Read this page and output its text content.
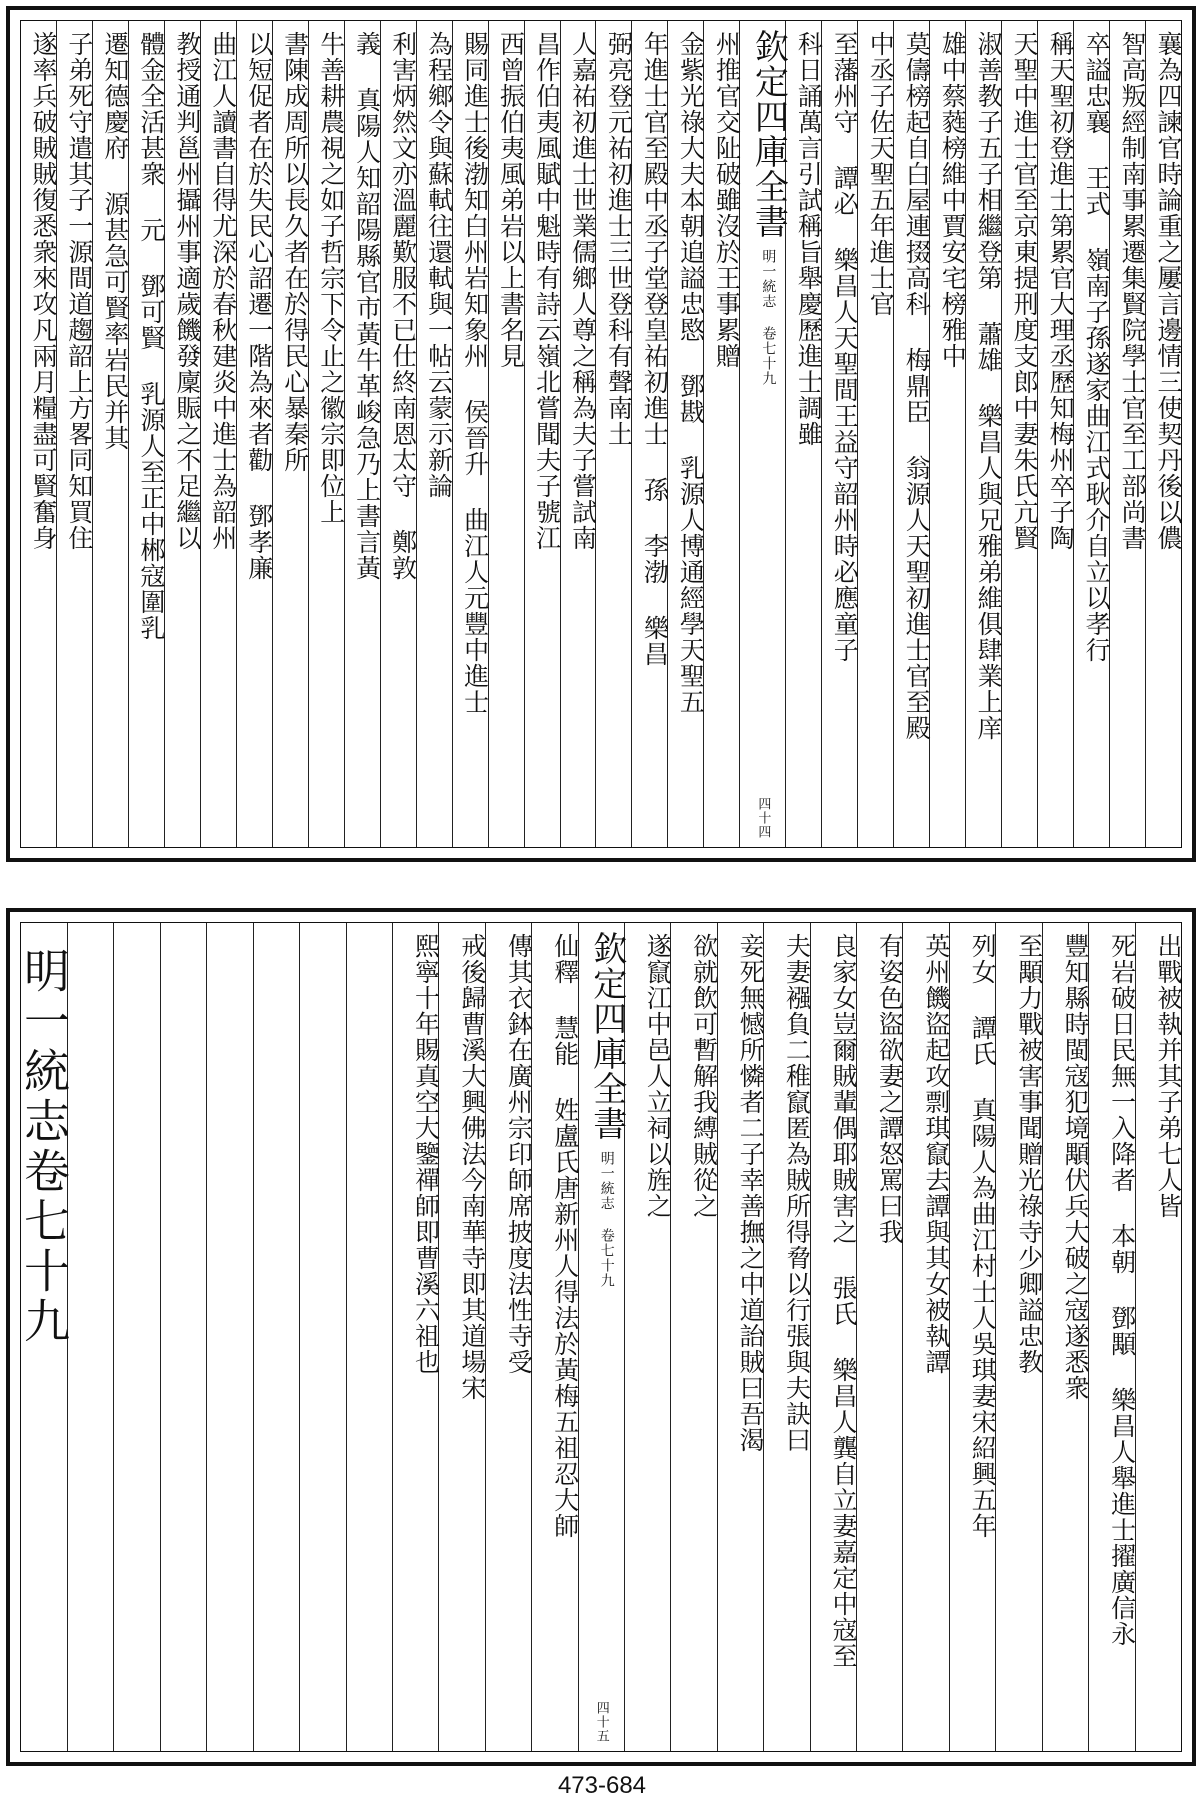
襄為四諫官時論重之屢言邊情三使契丹後以儂
智高叛經制南事累遷集賢院學士官至工部尚書
卒謚忠襄 王式 嶺南子孫遂家曲江式耿介自立以孝行
稱天聖初登進士第累官大理丞歷知梅州卒子陶
天聖中進士官至京東提刑度支郎中妻朱氏亢賢
淑善教子五子相繼登第 蕭雄 樂昌人與兄雅弟維俱肆業上庠
雄中蔡蕤榜維中賈安宅榜雅中
莫儔榜起自白屋連掇高科 梅鼎臣 翁源人天聖初進士官至殿
中丞子佐天聖五年進士官
至藩州守 譚必 樂昌人天聖間王益守韶州時必應童子
科日誦萬言引試稱旨舉慶歷進士調雖
欽定四庫全書明一統志 卷七十九
四十四
州推官交阯破雖沒於王事累贈
金紫光祿大夫本朝追謚忠愍 鄧戡 乳源人博通經學天聖五
年進士官至殿中丞子堂登皇祐初進士 孫 李渤 樂昌
弼亮登元祐初進士三世登科有聲南土
人嘉祐初進士世業儒鄉人尊之稱為夫子嘗試南
昌作伯夷風賦中魁時有詩云嶺北嘗聞夫子號江
西曾振伯夷風弟岩以上書名見
賜同進士後渤知白州岩知象州 侯晉升 曲江人元豐中進士
為程鄉令與蘇軾往還軾與一帖云蒙示新論
利害炳然文亦溫麗歎服不已仕終南恩太守 鄭敦
義 真陽人知韶陽縣官市黃牛革峻急乃上書言黃
牛善耕農視之如子哲宗下令止之徽宗即位上
書陳成周所以長久者在於得民心暴秦所
以短促者在於失民心詔遷一階為來者勸 鄧孝廉
曲江人讀書自得尤深於春秋建炎中進士為韶州
教授通判邕州攝州事適歲饑發廩賑之不足繼以
體金全活甚衆 元 鄧可賢 乳源人至正中郴寇圍乳
遷知德慶府 源甚急可賢率岩民并其
子弟死守遣其子一源間道趨韶上方畧同知買住
遂率兵破賊賊復悉衆來攻凡兩月糧盡可賢奮身
出戰被執并其子弟七人皆
死岩破日民無一入降者 本朝 鄧顒 樂昌人舉進士擢廣信永
豐知縣時閩寇犯境顒伏兵大破之寇遂悉衆
至顒力戰被害事聞贈光祿寺少卿謚忠教
列女 譚氏 真陽人為曲江村士人吳琪妻宋紹興五年
英州饑盜起攻剽琪竄去譚與其女被執譚
有姿色盜欲妻之譚怒罵曰我
良家女豈爾賊輩偶耶賊害之 張氏 樂昌人龔自立妻嘉定中寇至
夫妻襁負二稚竄匿為賊所得脅以行張與夫訣曰
妾死無憾所憐者二子幸善撫之中道詒賊曰吾渴
欲就飲可暫解我縛賊從之
遂竄江中邑人立祠以旌之
欽定四庫全書明一統志 卷七十九
四十五
仙釋 慧能 姓盧氏唐新州人得法於黃梅五祖忍大師
傳其衣鉢在廣州宗印師席披度法性寺受
戒後歸曹溪大興佛法今南華寺即其道場宋
熙寧十年賜真空大鑒禪師即曹溪六祖也
明一統志卷七十九
473-684
